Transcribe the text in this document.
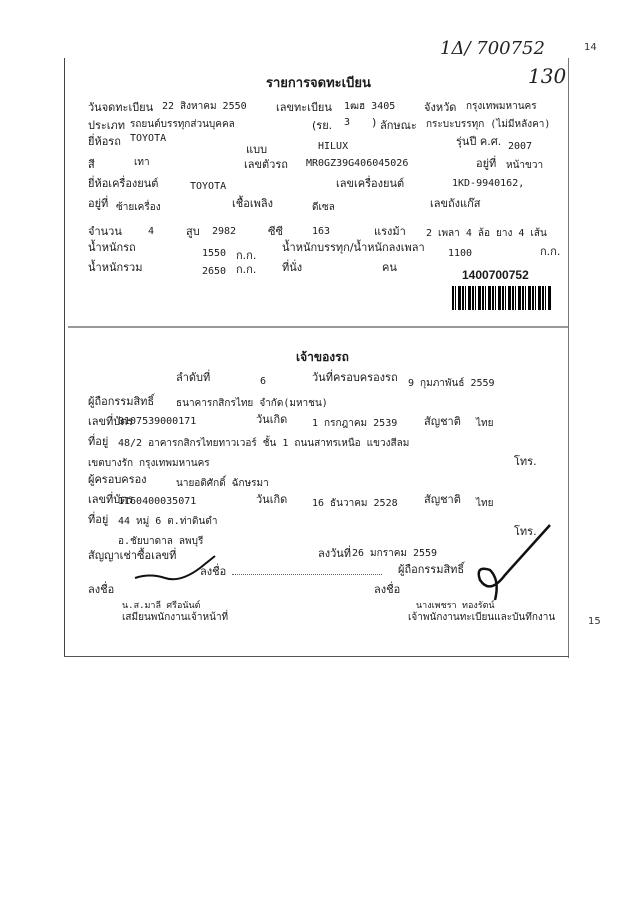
1Δ/ 700752
130
14
รายการจดทะเบียน
วันจดทะเบียน 22 สิงหาคม 2550	เลขทะเบียน 1ฒฮ 3405	จังหวัด กรุงเทพมหานคร
ประเภท รถยนต์บรรทุกส่วนบุคคล	(รย. 3 ) ลักษณะ กระบะบรรทุก (ไม่มีหลังคา)
ยี่ห้อรถ TOYOTA
แบบ	HILUX	รุ่นปี ค.ศ. 2007
สี	เทา	เลขตัวรถ MR0GZ39G406045026	อยู่ที่ หน้าขวา
ยี่ห้อเครื่องยนต์	TOYOTA	เลขเครื่องยนต์	1KD-9940162,
อยู่ที่ ซ้ายเครื่อง	เชื้อเพลิง	ดีเซล	เลขถังแก๊ส
จำนวน	4	สูบ 2982	ซีซี	163	แรงม้า 2 เพลา 4 ล้อ ยาง 4 เส้น
น้ำหนักรถ	1550 ก.ก.
น้ำหนักบรรทุก/น้ำหนักลงเพลา 1100	ก.ก.
น้ำหนักรวม	2650 ก.ก. ที่นั่ง	คน
1400700752
เจ้าของรถ
ลำดับที่	6	วันที่ครอบครองรถ 9 กุมภาพันธ์ 2559
ผู้ถือกรรมสิทธิ์ ธนาคารกสิกรไทย จำกัด(มหาชน)
เลขที่บัตร
0107539000171	วันเกิด 1 กรกฎาคม 2539 สัญชาติ ไทย
ที่อยู่ 48/2 อาคารกสิกรไทยทาวเวอร์ ชั้น 1 ถนนสาทรเหนือ แขวงสีลม
เขตบางรัก กรุงเทพมหานคร	โทร.
ผู้ครอบครอง	นายอดิศักดิ์ ฉักษรมา
เลขที่บัตร
1160400035071	วันเกิด 16 ธันวาคม 2528 สัญชาติ ไทย
ที่อยู่ 44 หมู่ 6 ต.ท่าดินดำ
อ.ชัยบาดาล ลพบุรี
โทร.
สัญญาเช่าซื้อเลขที่	ลงวันที่ 26 มกราคม 2559
ลงชื่อ	ผู้ถือกรรมสิทธิ์
ลงชื่อ	ลงชื่อ
น.ส.มาลี ศรีอนันต์
เสมียนพนักงานเจ้าหน้าที่
นางเพชรา ทองรัตน์
เจ้าพนักงานทะเบียนและบันทึกงาน	15
